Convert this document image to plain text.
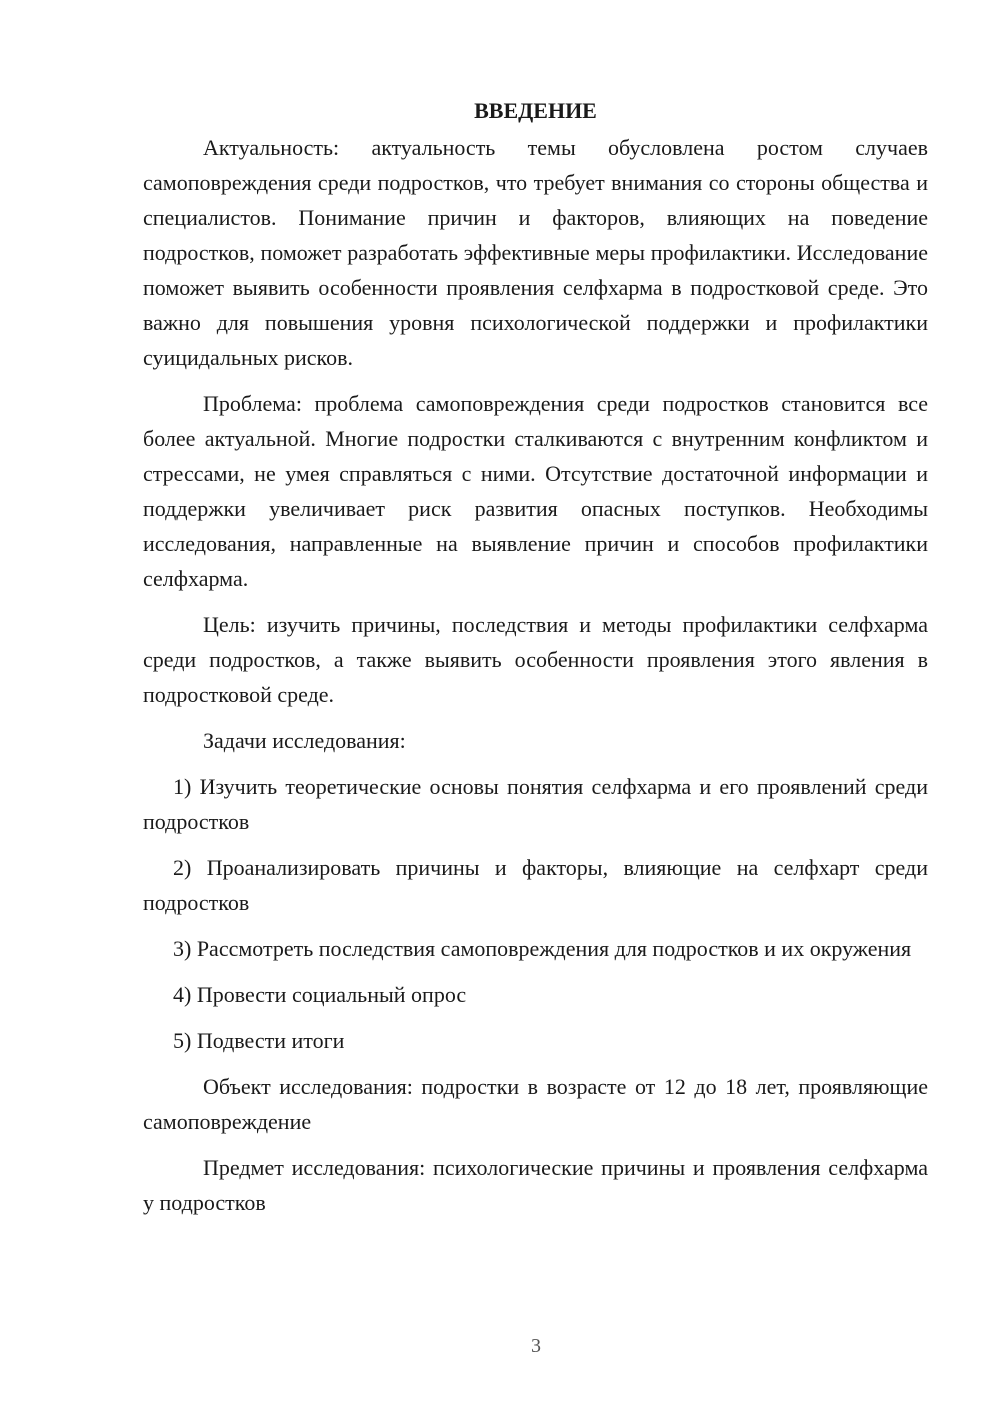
ВВЕДЕНИЕ

Актуальность: актуальность темы обусловлена ростом случаев самоповреждения среди подростков, что требует внимания со стороны общества и специалистов. Понимание причин и факторов, влияющих на поведение подростков, поможет разработать эффективные меры профилактики. Исследование поможет выявить особенности проявления селфхарма в подростковой среде. Это важно для повышения уровня психологической поддержки и профилактики суицидальных рисков.

Проблема: проблема самоповреждения среди подростков становится все более актуальной. Многие подростки сталкиваются с внутренним конфликтом и стрессами, не умея справляться с ними. Отсутствие достаточной информации и поддержки увеличивает риск развития опасных поступков. Необходимы исследования, направленные на выявление причин и способов профилактики селфхарма.

Цель: изучить причины, последствия и методы профилактики селфхарма среди подростков, а также выявить особенности проявления этого явления в подростковой среде.

Задачи исследования:

1) Изучить теоретические основы понятия селфхарма и его проявлений среди подростков

2) Проанализировать причины и факторы, влияющие на селфхарт среди подростков

3) Рассмотреть последствия самоповреждения для подростков и их окружения

4) Провести социальный опрос

5) Подвести итоги

Объект исследования: подростки в возрасте от 12 до 18 лет, проявляющие самоповреждение

Предмет исследования: психологические причины и проявления селфхарма у подростков

3
